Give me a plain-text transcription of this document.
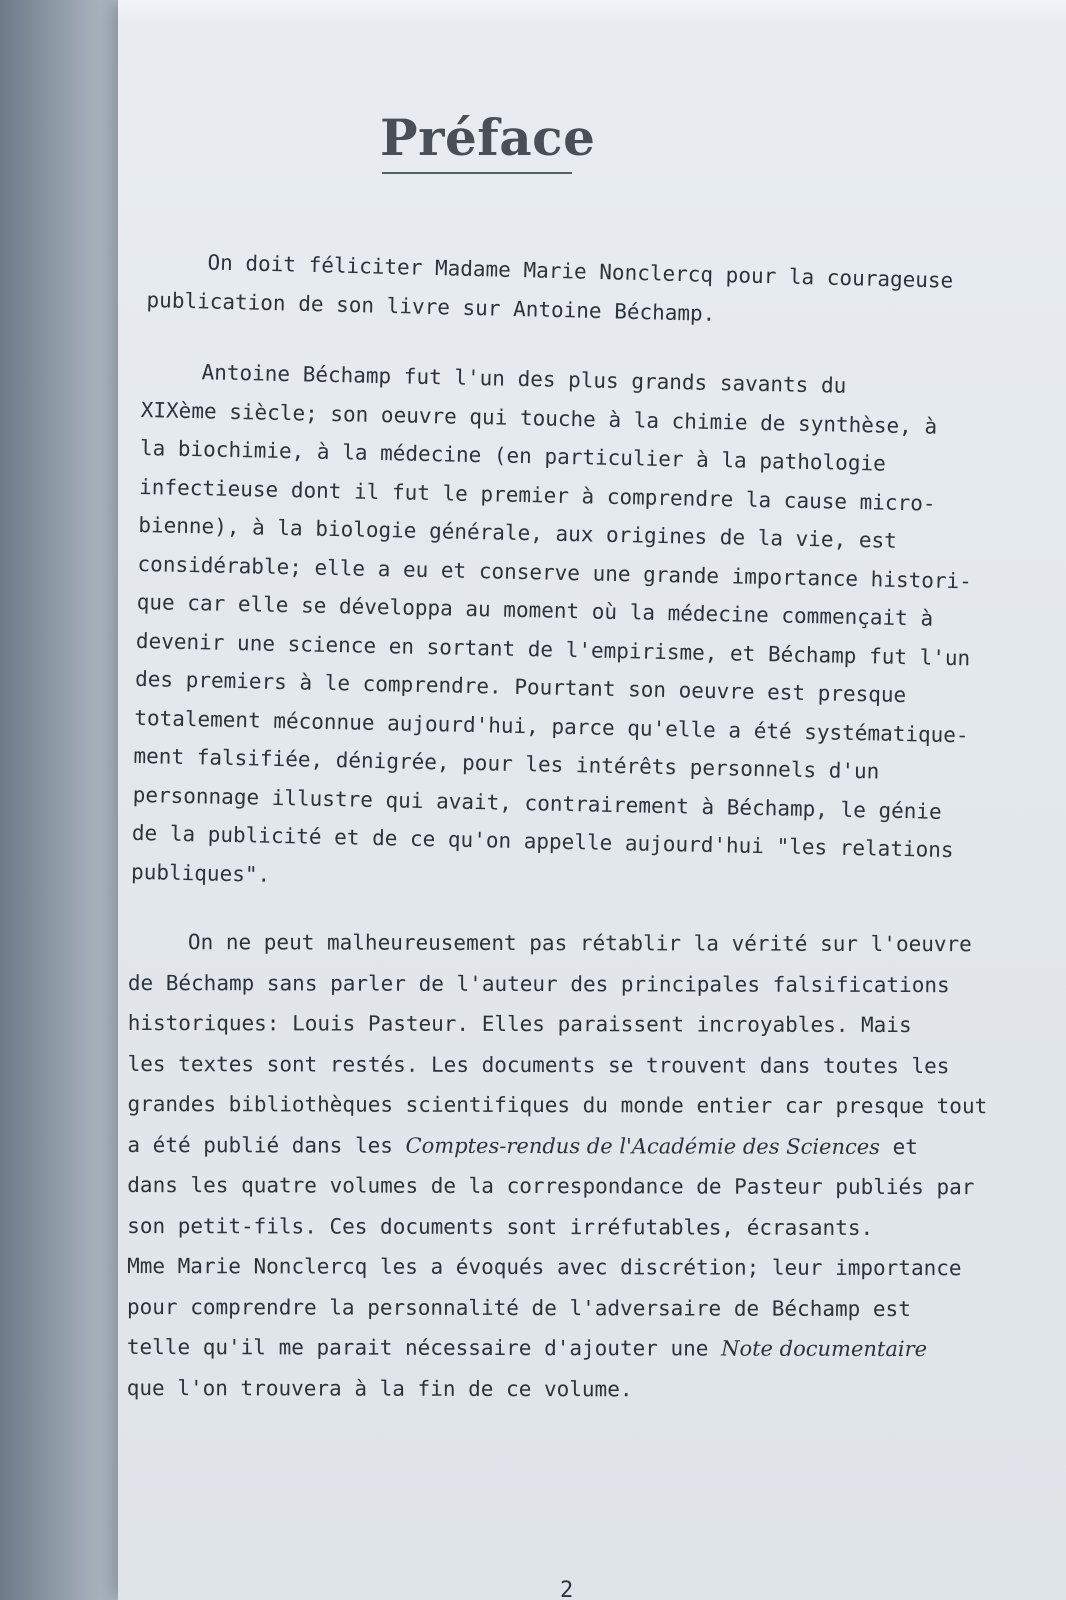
Préface
On doit féliciter Madame Marie Nonclercq pour la courageuse
publication de son livre sur Antoine Béchamp.
Antoine Béchamp fut l'un des plus grands savants du
XIXème siècle; son oeuvre qui touche à la chimie de synthèse, à
la biochimie, à la médecine (en particulier à la pathologie
infectieuse dont il fut le premier à comprendre la cause micro-
bienne), à la biologie générale, aux origines de la vie, est
considérable; elle a eu et conserve une grande importance histori-
que car elle se développa au moment où la médecine commençait à
devenir une science en sortant de l'empirisme, et Béchamp fut l'un
des premiers à le comprendre. Pourtant son oeuvre est presque
totalement méconnue aujourd'hui, parce qu'elle a été systématique-
ment falsifiée, dénigrée, pour les intérêts personnels d'un
personnage illustre qui avait, contrairement à Béchamp, le génie
de la publicité et de ce qu'on appelle aujourd'hui "les relations
publiques".
On ne peut malheureusement pas rétablir la vérité sur l'oeuvre
de Béchamp sans parler de l'auteur des principales falsifications
historiques: Louis Pasteur. Elles paraissent incroyables. Mais
les textes sont restés. Les documents se trouvent dans toutes les
grandes bibliothèques scientifiques du monde entier car presque tout
a été publié dans les Comptes-rendus de l'Académie des Sciences et
dans les quatre volumes de la correspondance de Pasteur publiés par
son petit-fils. Ces documents sont irréfutables, écrasants.
Mme Marie Nonclercq les a évoqués avec discrétion; leur importance
pour comprendre la personnalité de l'adversaire de Béchamp est
telle qu'il me parait nécessaire d'ajouter une Note documentaire
que l'on trouvera à la fin de ce volume.
2
